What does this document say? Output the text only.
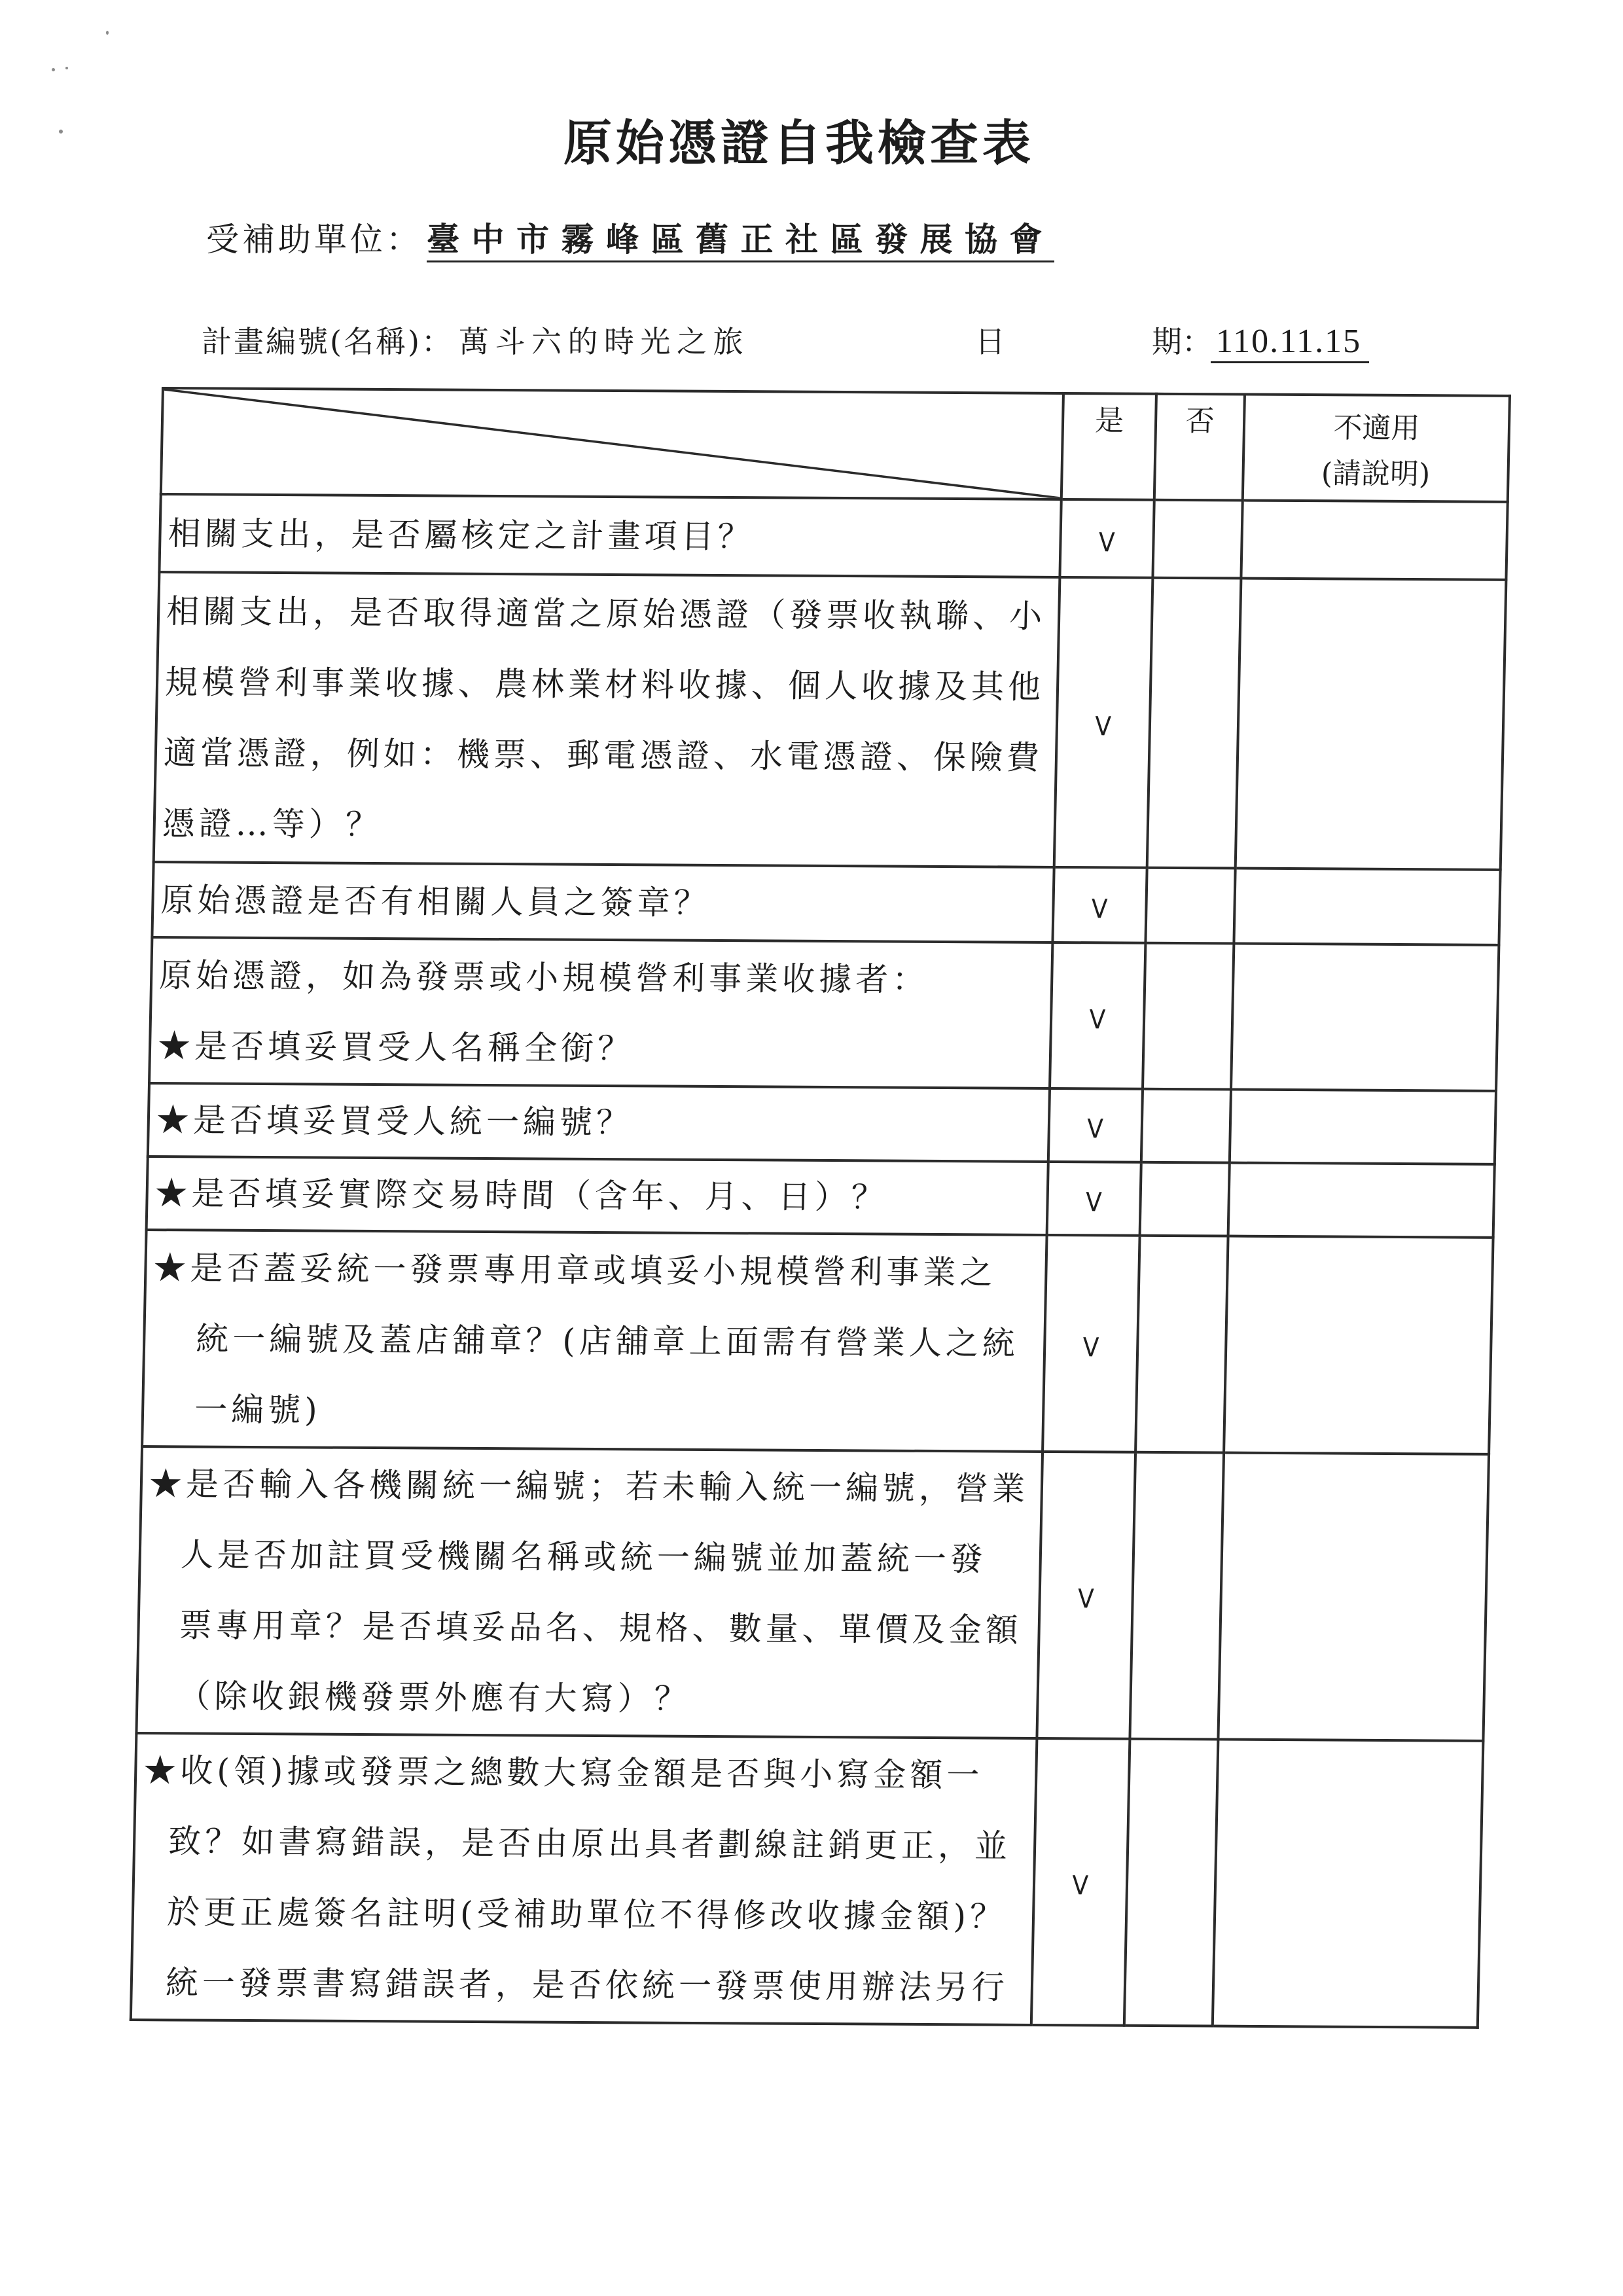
原始憑證自我檢查表
受補助單位： 臺中市霧峰區舊正社區發展協會
計畫編號(名稱)： 萬斗六的時光之旅	日	期： 110.11.15
	是	否	不適用
(請說明)

相關支出，是否屬核定之計畫項目？	V		

相關支出，是否取得適當之原始憑證（發票收執聯、小
規模營利事業收據、農林業材料收據、個人收據及其他
適當憑證，例如：機票、郵電憑證、水電憑證、保險費
憑證…等）？	V		

原始憑證是否有相關人員之簽章？	V		

原始憑證，如為發票或小規模營利事業收據者：
★是否填妥買受人名稱全銜？	V		

★是否填妥買受人統一編號？	V		

★是否填妥實際交易時間（含年、月、日）？	V		

★是否蓋妥統一發票專用章或填妥小規模營利事業之
統一編號及蓋店舖章？(店舖章上面需有營業人之統
一編號)	V		

★是否輸入各機關統一編號；若未輸入統一編號，營業
人是否加註買受機關名稱或統一編號並加蓋統一發
票專用章？是否填妥品名、規格、數量、單價及金額
（除收銀機發票外應有大寫）？	V		

★收(領)據或發票之總數大寫金額是否與小寫金額一
致？如書寫錯誤，是否由原出具者劃線註銷更正，並
於更正處簽名註明(受補助單位不得修改收據金額)？
統一發票書寫錯誤者，是否依統一發票使用辦法另行	V		
